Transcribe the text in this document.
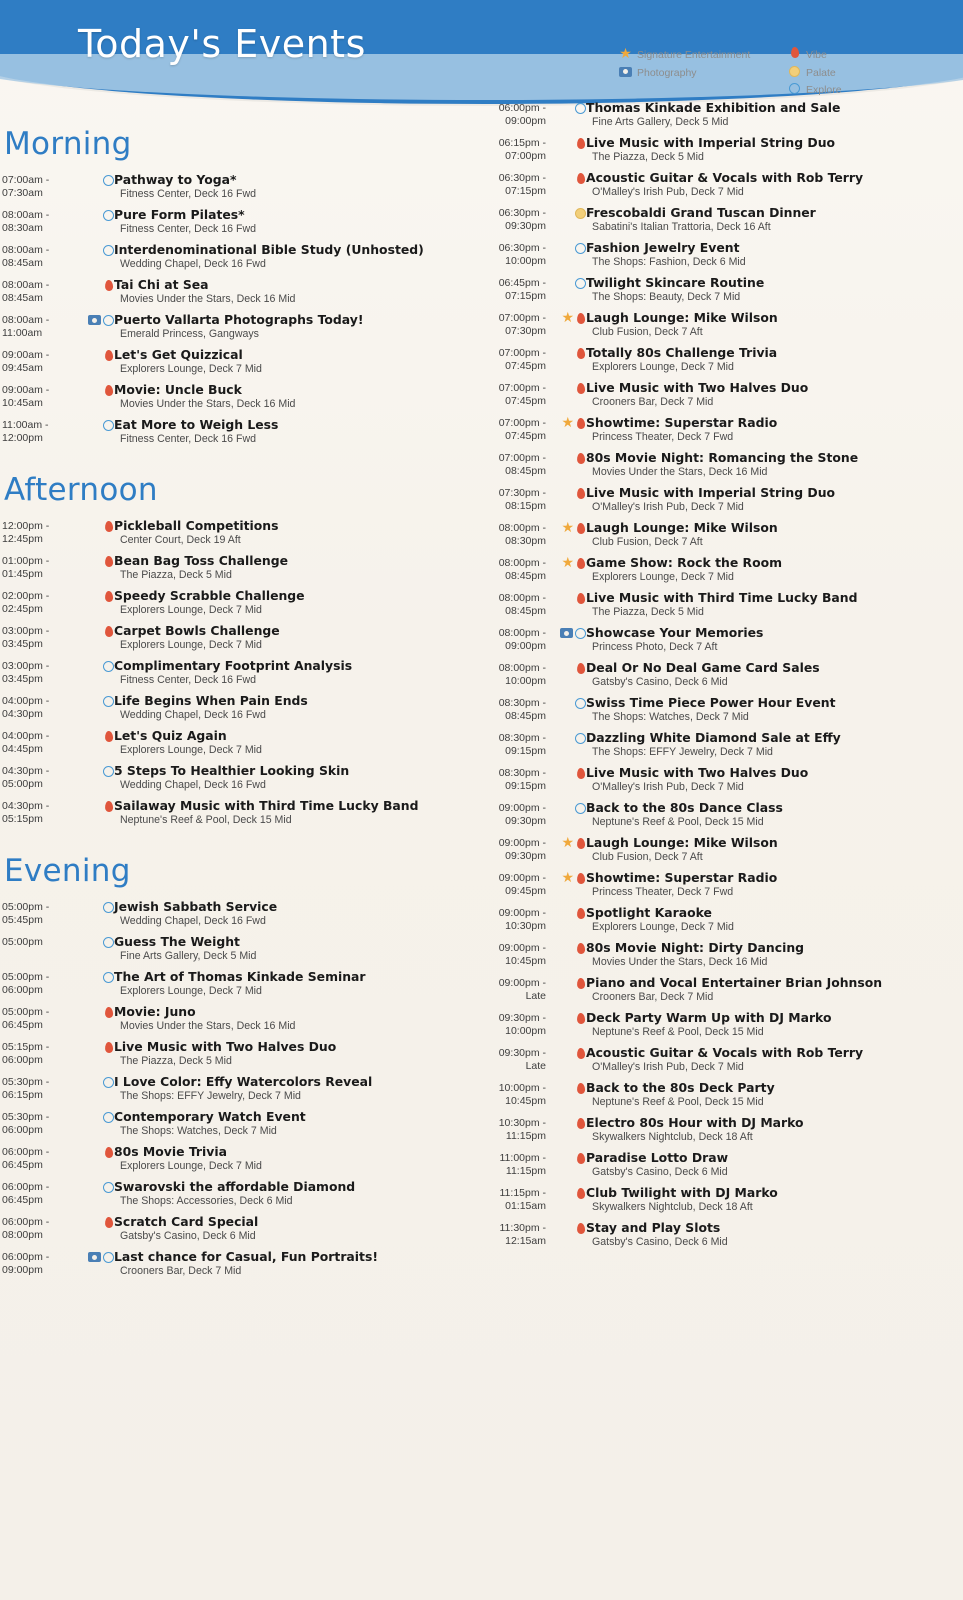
Today's Events	★ Signature Entertainment	Vibe
Photography	Palate
Explore
Morning
07:00am -
07:30am
Pathway to Yoga*
Fitness Center, Deck 16 Fwd
08:00am -
08:30am
Pure Form Pilates*
Fitness Center, Deck 16 Fwd
08:00am -
08:45am
Interdenominational Bible Study (Unhosted)
Wedding Chapel, Deck 16 Fwd
08:00am -
08:45am
Tai Chi at Sea
Movies Under the Stars, Deck 16 Mid
08:00am -
11:00am
Puerto Vallarta Photographs Today!
Emerald Princess, Gangways
09:00am -
09:45am
Let's Get Quizzical
Explorers Lounge, Deck 7 Mid
09:00am -
10:45am
Movie: Uncle Buck
Movies Under the Stars, Deck 16 Mid
11:00am -
12:00pm
Eat More to Weigh Less
Fitness Center, Deck 16 Fwd
Afternoon
12:00pm -
12:45pm
Pickleball Competitions
Center Court, Deck 19 Aft
01:00pm -
01:45pm
Bean Bag Toss Challenge
The Piazza, Deck 5 Mid
02:00pm -
02:45pm
Speedy Scrabble Challenge
Explorers Lounge, Deck 7 Mid
03:00pm -
03:45pm
Carpet Bowls Challenge
Explorers Lounge, Deck 7 Mid
03:00pm -
03:45pm
Complimentary Footprint Analysis
Fitness Center, Deck 16 Fwd
04:00pm -
04:30pm
Life Begins When Pain Ends
Wedding Chapel, Deck 16 Fwd
04:00pm -
04:45pm
Let's Quiz Again
Explorers Lounge, Deck 7 Mid
04:30pm -
05:00pm
5 Steps To Healthier Looking Skin
Wedding Chapel, Deck 16 Fwd
04:30pm -
05:15pm
Sailaway Music with Third Time Lucky Band
Neptune's Reef & Pool, Deck 15 Mid
Evening
05:00pm -
05:45pm
Jewish Sabbath Service
Wedding Chapel, Deck 16 Fwd
05:00pm	Guess The Weight
Fine Arts Gallery, Deck 5 Mid
05:00pm -
06:00pm
The Art of Thomas Kinkade Seminar
Explorers Lounge, Deck 7 Mid
05:00pm -
06:45pm
Movie: Juno
Movies Under the Stars, Deck 16 Mid
05:15pm -
06:00pm
Live Music with Two Halves Duo
The Piazza, Deck 5 Mid
05:30pm -
06:15pm
I Love Color: Effy Watercolors Reveal
The Shops: EFFY Jewelry, Deck 7 Mid
05:30pm -
06:00pm
Contemporary Watch Event
The Shops: Watches, Deck 7 Mid
06:00pm -
06:45pm
80s Movie Trivia
Explorers Lounge, Deck 7 Mid
06:00pm -
06:45pm
Swarovski the affordable Diamond
The Shops: Accessories, Deck 6 Mid
06:00pm -
08:00pm
Scratch Card Special
Gatsby's Casino, Deck 6 Mid
06:00pm -
09:00pm
Last chance for Casual, Fun Portraits!
Crooners Bar, Deck 7 Mid
06:00pm -
09:00pm
Thomas Kinkade Exhibition and Sale
Fine Arts Gallery, Deck 5 Mid
06:15pm -
07:00pm
Live Music with Imperial String Duo
The Piazza, Deck 5 Mid
06:30pm -
07:15pm
Acoustic Guitar & Vocals with Rob Terry
O'Malley's Irish Pub, Deck 7 Mid
06:30pm -
09:30pm
Frescobaldi Grand Tuscan Dinner
Sabatini's Italian Trattoria, Deck 16 Aft
06:30pm -
10:00pm
Fashion Jewelry Event
The Shops: Fashion, Deck 6 Mid
06:45pm -
07:15pm
Twilight Skincare Routine
The Shops: Beauty, Deck 7 Mid
07:00pm -
07:30pm
★ Laugh Lounge: Mike Wilson
Club Fusion, Deck 7 Aft
07:00pm -
07:45pm
Totally 80s Challenge Trivia
Explorers Lounge, Deck 7 Mid
07:00pm -
07:45pm
Live Music with Two Halves Duo
Crooners Bar, Deck 7 Mid
07:00pm -
07:45pm
★ Showtime: Superstar Radio
Princess Theater, Deck 7 Fwd
07:00pm -
08:45pm
80s Movie Night: Romancing the Stone
Movies Under the Stars, Deck 16 Mid
07:30pm -
08:15pm
Live Music with Imperial String Duo
O'Malley's Irish Pub, Deck 7 Mid
08:00pm -
08:30pm
★ Laugh Lounge: Mike Wilson
Club Fusion, Deck 7 Aft
08:00pm -
08:45pm
★ Game Show: Rock the Room
Explorers Lounge, Deck 7 Mid
08:00pm -
08:45pm
Live Music with Third Time Lucky Band
The Piazza, Deck 5 Mid
08:00pm -
09:00pm
Showcase Your Memories
Princess Photo, Deck 7 Aft
08:00pm -
10:00pm
Deal Or No Deal Game Card Sales
Gatsby's Casino, Deck 6 Mid
08:30pm -
08:45pm
Swiss Time Piece Power Hour Event
The Shops: Watches, Deck 7 Mid
08:30pm -
09:15pm
Dazzling White Diamond Sale at Effy
The Shops: EFFY Jewelry, Deck 7 Mid
08:30pm -
09:15pm
Live Music with Two Halves Duo
O'Malley's Irish Pub, Deck 7 Mid
09:00pm -
09:30pm
Back to the 80s Dance Class
Neptune's Reef & Pool, Deck 15 Mid
09:00pm -
09:30pm
★ Laugh Lounge: Mike Wilson
Club Fusion, Deck 7 Aft
09:00pm -
09:45pm
★ Showtime: Superstar Radio
Princess Theater, Deck 7 Fwd
09:00pm -
10:30pm
Spotlight Karaoke
Explorers Lounge, Deck 7 Mid
09:00pm -
10:45pm
80s Movie Night: Dirty Dancing
Movies Under the Stars, Deck 16 Mid
09:00pm -
Late
Piano and Vocal Entertainer Brian Johnson
Crooners Bar, Deck 7 Mid
09:30pm -
10:00pm
Deck Party Warm Up with DJ Marko
Neptune's Reef & Pool, Deck 15 Mid
09:30pm -
Late
Acoustic Guitar & Vocals with Rob Terry
O'Malley's Irish Pub, Deck 7 Mid
10:00pm -
10:45pm
Back to the 80s Deck Party
Neptune's Reef & Pool, Deck 15 Mid
10:30pm -
11:15pm
Electro 80s Hour with DJ Marko
Skywalkers Nightclub, Deck 18 Aft
11:00pm -
11:15pm
Paradise Lotto Draw
Gatsby's Casino, Deck 6 Mid
11:15pm -
01:15am
Club Twilight with DJ Marko
Skywalkers Nightclub, Deck 18 Aft
11:30pm -
12:15am
Stay and Play Slots
Gatsby's Casino, Deck 6 Mid
